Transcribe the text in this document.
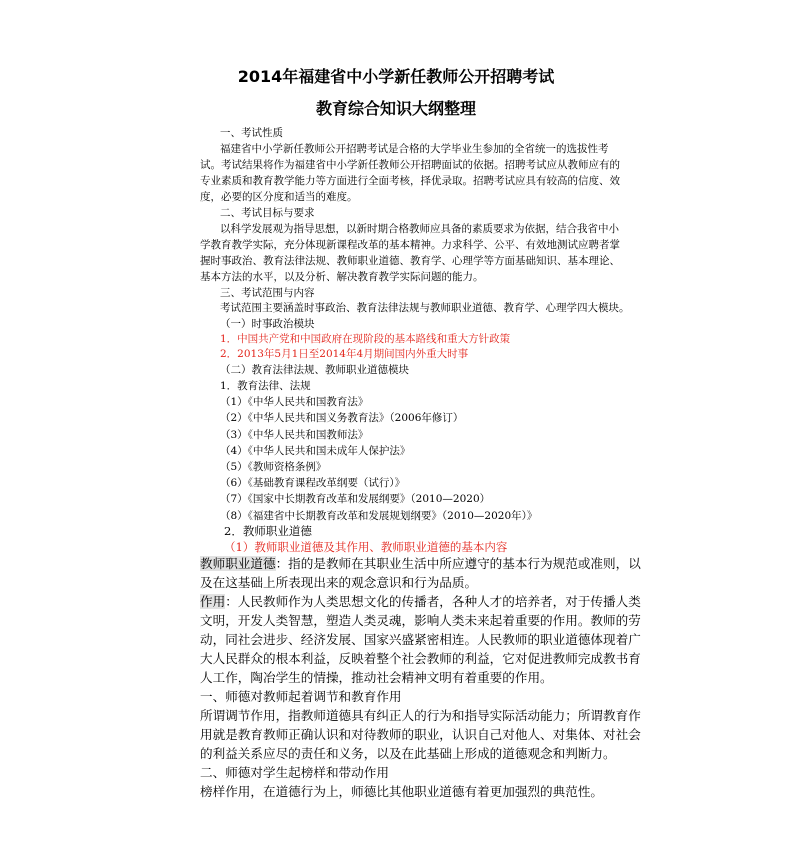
2014年福建省中小学新任教师公开招聘考试
教育综合知识大纲整理
一、考试性质
福建省中小学新任教师公开招聘考试是合格的大学毕业生参加的全省统一的选拔性考
试。考试结果将作为福建省中小学新任教师公开招聘面试的依据。招聘考试应从教师应有的
专业素质和教育教学能力等方面进行全面考核，择优录取。招聘考试应具有较高的信度、效
度，必要的区分度和适当的难度。
二、考试目标与要求
以科学发展观为指导思想，以新时期合格教师应具备的素质要求为依据，结合我省中小
学教育教学实际，充分体现新课程改革的基本精神。力求科学、公平、有效地测试应聘者掌
握时事政治、教育法律法规、教师职业道德、教育学、心理学等方面基础知识、基本理论、
基本方法的水平，以及分析、解决教育教学实际问题的能力。
三、考试范围与内容
考试范围主要涵盖时事政治、教育法律法规与教师职业道德、教育学、心理学四大模块。
（一）时事政治模块
1．中国共产党和中国政府在现阶段的基本路线和重大方针政策
2．2013年5月1日至2014年4月期间国内外重大时事
（二）教育法律法规、教师职业道德模块
1．教育法律、法规
（1）《中华人民共和国教育法》
（2）《中华人民共和国义务教育法》（2006年修订）
（3）《中华人民共和国教师法》
（4）《中华人民共和国未成年人保护法》
（5）《教师资格条例》
（6）《基础教育课程改革纲要（试行）》
（7）《国家中长期教育改革和发展纲要》（2010—2020）
（8）《福建省中长期教育改革和发展规划纲要》（2010—2020年）》
2．教师职业道德
（1）教师职业道德及其作用、教师职业道德的基本内容
教师职业道德：指的是教师在其职业生活中所应遵守的基本行为规范或准则，以
及在这基础上所表现出来的观念意识和行为品质。
作用：人民教师作为人类思想文化的传播者，各种人才的培养者，对于传播人类
文明，开发人类智慧，塑造人类灵魂，影响人类未来起着重要的作用。教师的劳
动，同社会进步、经济发展、国家兴盛紧密相连。人民教师的职业道德体现着广
大人民群众的根本利益，反映着整个社会教师的利益，它对促进教师完成教书育
人工作，陶冶学生的情操，推动社会精神文明有着重要的作用。
一、师德对教师起着调节和教育作用
所谓调节作用，指教师道德具有纠正人的行为和指导实际活动能力；所谓教育作
用就是教育教师正确认识和对待教师的职业，认识自己对他人、对集体、对社会
的利益关系应尽的责任和义务，以及在此基础上形成的道德观念和判断力。
二、师德对学生起榜样和带动作用
榜样作用，在道德行为上，师德比其他职业道德有着更加强烈的典范性。
